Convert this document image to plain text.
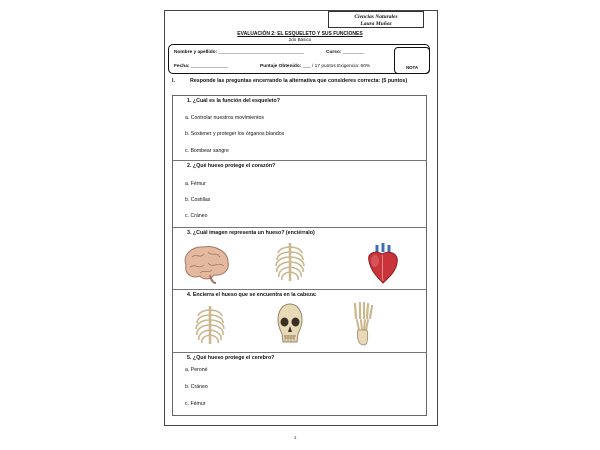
Ciencias Naturales
Laura Muñoz
EVALUACIÓN 2: EL ESQUELETO Y SUS FUNCIONES
2do Básico
Nombre y apellido: ________________________________	Curso: ________
Fecha: ______________	Puntaje Obtenido: ___ / 17 puntos Exigencia: 60%	NOTA
I.	Responde las preguntas encerrando la alternativa que consideres correcta: (5 puntos)
1. ¿Cuál es la función del esqueleto?
a. Controlar nuestros movimientos
b. Sostener y proteger los órganos blandos
c. Bombear sangre
2. ¿Qué hueso protege el corazón?
a. Fémur
b. Costillas
c. Cráneo
3. ¿Cuál imagen representa un hueso? (enciérralo)
4. Encierra el hueso que se encuentra en la cabeza:
5. ¿Qué hueso protege el cerebro?
a. Peroné
b. Cráneo
c. Fémur
1
